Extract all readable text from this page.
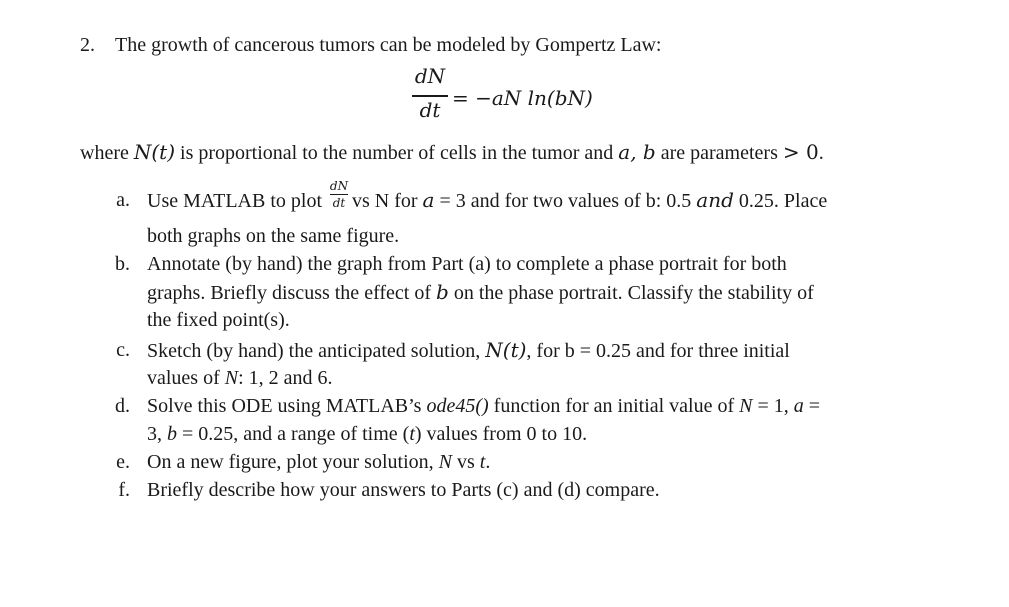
2. The growth of cancerous tumors can be modeled by Gompertz Law:
dN
dt = −aN ln(bN)
where N(t) is proportional to the number of cells in the tumor and a, b are parameters > 0.
a. Use MATLAB to plot $\frac{dN}{dt}$ vs N for a = 3 and for two values of b: 0.5 and 0.25. Place
both graphs on the same figure.
b. Annotate (by hand) the graph from Part (a) to complete a phase portrait for both
graphs. Briefly discuss the effect of b on the phase portrait. Classify the stability of
the fixed point(s).
c. Sketch (by hand) the anticipated solution, N(t), for b = 0.25 and for three initial
values of N: 1, 2 and 6.
d. Solve this ODE using MATLAB’s ode45() function for an initial value of N = 1, a =
3, b = 0.25, and a range of time (t) values from 0 to 10.
e. On a new figure, plot your solution, N vs t.
f. Briefly describe how your answers to Parts (c) and (d) compare.
